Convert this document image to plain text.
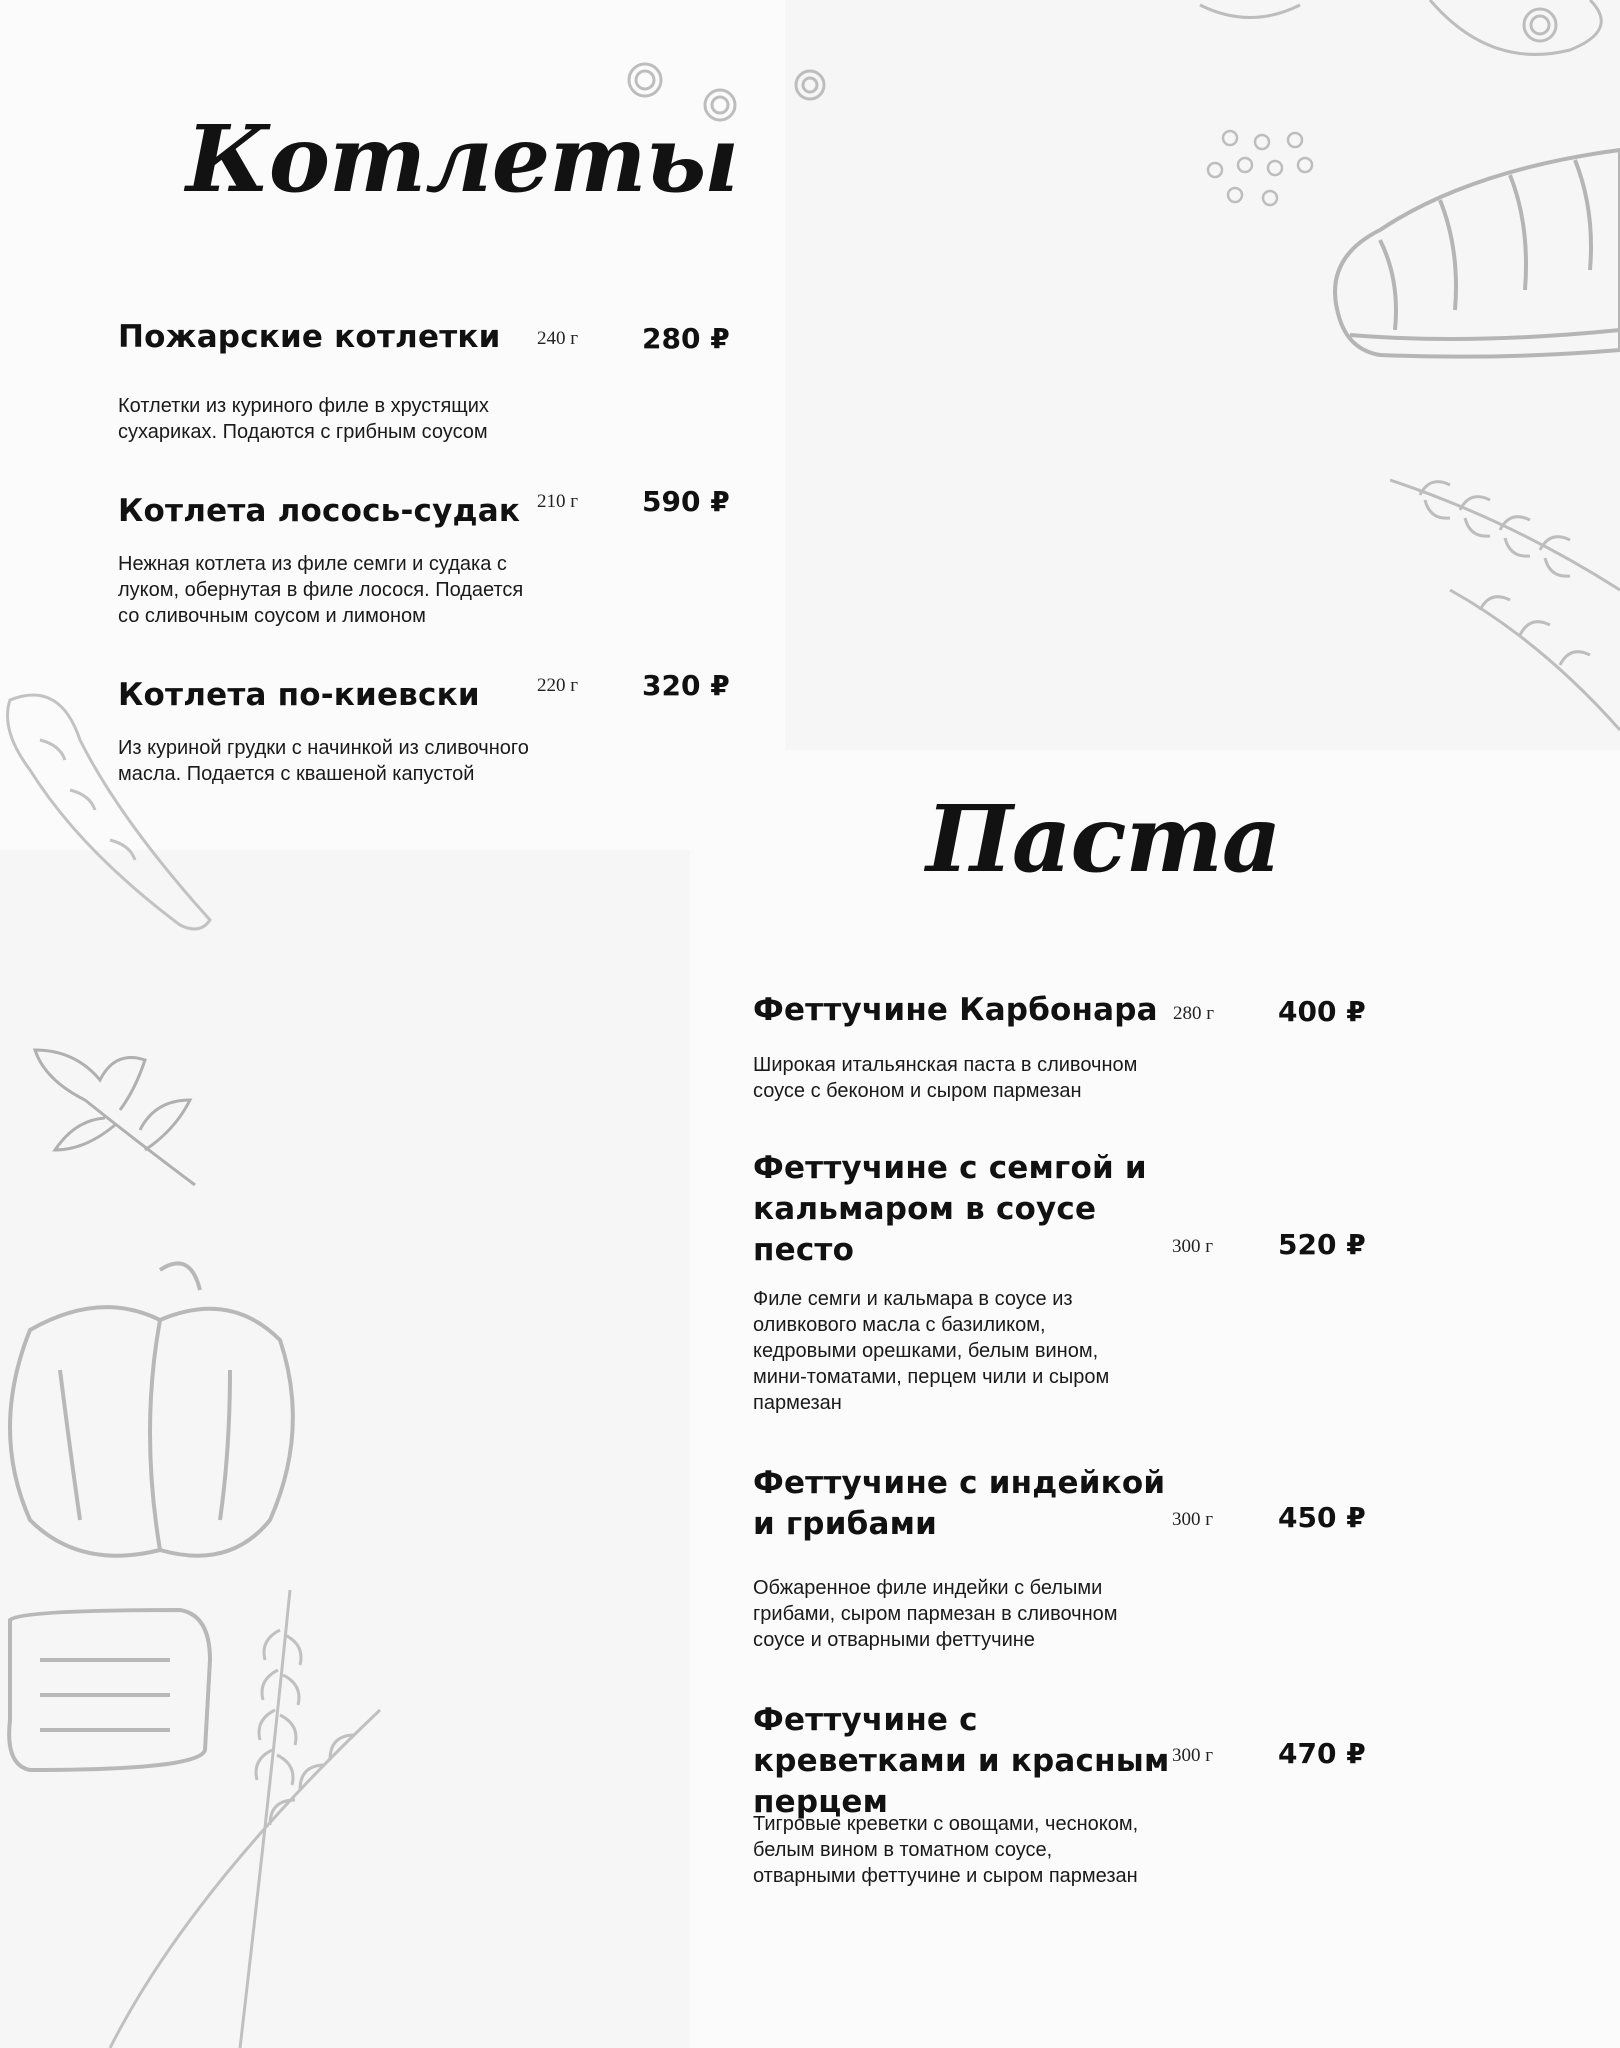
Котлеты
Пожарские котлетки	240 г 280 ₽

Котлетки из куриного филе в хрустящих сухариках. Подаются с грибным соусом

Котлета лосось-судак 210 г 590 ₽

Нежная котлета из филе семги и судака с луком, обернутая в филе лосося. Подается со сливочным соусом и лимоном

Котлета по-киевски	220 г 320 ₽

Из куриной грудки с начинкой из сливочного масла. Подается с квашеной капустой

Паста
Феттучине Карбонара 280 г 400 ₽

Широкая итальянская паста в сливочном соусе с беконом и сыром пармезан

Феттучине с семгой и кальмаром в соусе песто	300 г 520 ₽

Филе семги и кальмара в соусе из оливкового масла с базиликом, кедровыми орешками, белым вином, мини-томатами, перцем чили и сыром пармезан

Феттучине с индейкой и грибами	300 г 450 ₽

Обжаренное филе индейки с белыми грибами, сыром пармезан в сливочном соусе и отварными феттучине

Феттучине с креветками и красным перцем
300 г 470 ₽

Тигровые креветки с овощами, чесноком, белым вином в томатном соусе, отварными феттучине и сыром пармезан
